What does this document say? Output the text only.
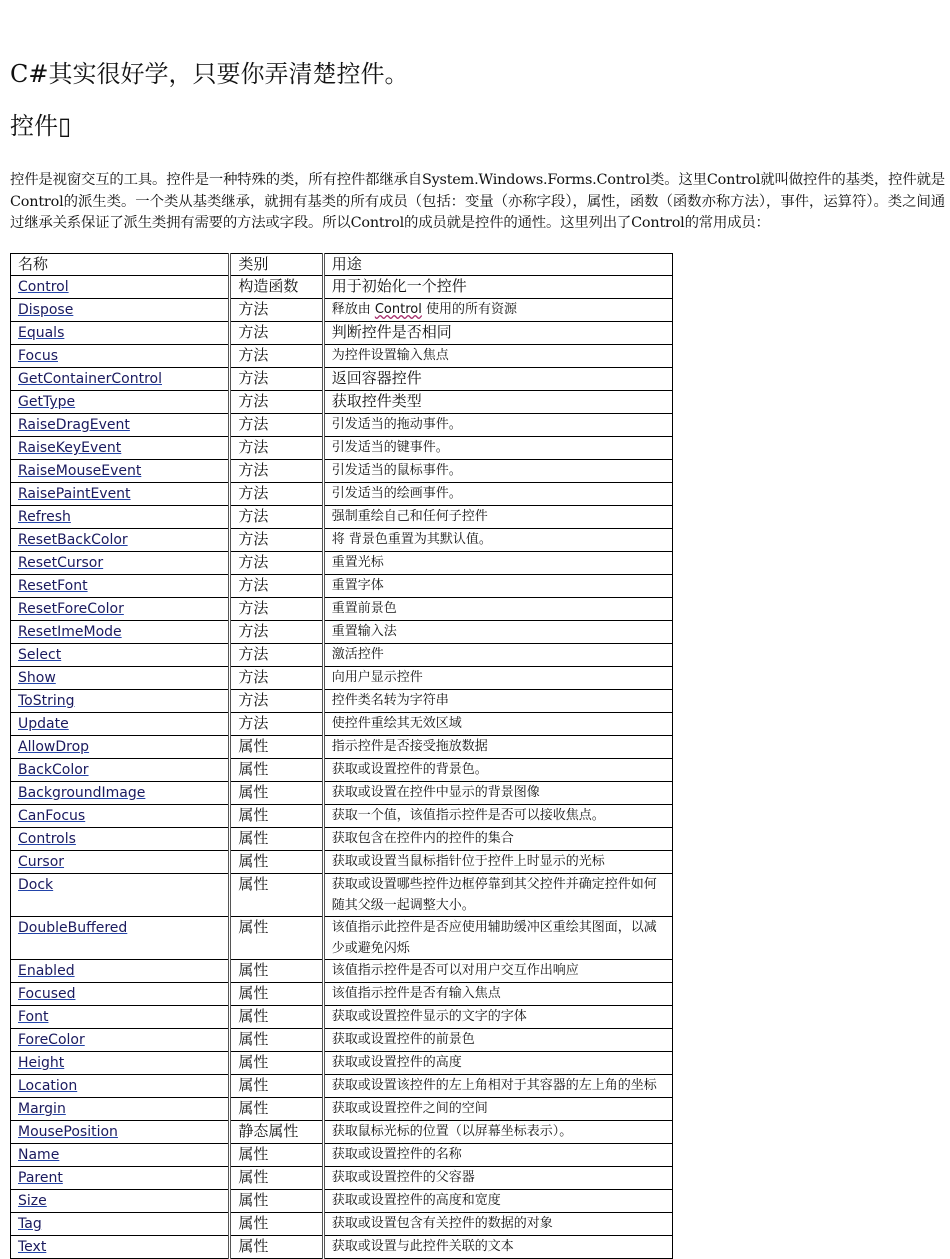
C#其实很好学，只要你弄清楚控件。
控件▯
控件是视窗交互的工具。控件是一种特殊的类，所有控件都继承自System.Windows.Forms.Control类。这里Control就叫做控件的基类，控件就是Control的派生类。一个类从基类继承，就拥有基类的所有成员（包括：变量（亦称字段），属性，函数（函数亦称方法），事件，运算符）。类之间通过继承关系保证了派生类拥有需要的方法或字段。所以Control的成员就是控件的通性。这里列出了Control的常用成员：
名称	类别	用途
Control	构造函数	用于初始化一个控件
Dispose	方法	释放由 Control 使用的所有资源
Equals	方法	判断控件是否相同
Focus	方法	为控件设置输入焦点
GetContainerControl	方法	返回容器控件
GetType	方法	获取控件类型
RaiseDragEvent	方法	引发适当的拖动事件。
RaiseKeyEvent	方法	引发适当的键事件。
RaiseMouseEvent	方法	引发适当的鼠标事件。
RaisePaintEvent	方法	引发适当的绘画事件。
Refresh	方法	强制重绘自己和任何子控件
ResetBackColor	方法	将 背景色重置为其默认值。
ResetCursor	方法	重置光标
ResetFont	方法	重置字体
ResetForeColor	方法	重置前景色
ResetImeMode	方法	重置输入法
Select	方法	激活控件
Show	方法	向用户显示控件
ToString	方法	控件类名转为字符串
Update	方法	使控件重绘其无效区域
AllowDrop	属性	指示控件是否接受拖放数据
BackColor	属性	获取或设置控件的背景色。
BackgroundImage	属性	获取或设置在控件中显示的背景图像
CanFocus	属性	获取一个值，该值指示控件是否可以接收焦点。
Controls	属性	获取包含在控件内的控件的集合
Cursor	属性	获取或设置当鼠标指针位于控件上时显示的光标
Dock	属性	获取或设置哪些控件边框停靠到其父控件并确定控件如何随其父级一起调整大小。
DoubleBuffered	属性	该值指示此控件是否应使用辅助缓冲区重绘其图面，以减少或避免闪烁
Enabled	属性	该值指示控件是否可以对用户交互作出响应
Focused	属性	该值指示控件是否有输入焦点
Font	属性	获取或设置控件显示的文字的字体
ForeColor	属性	获取或设置控件的前景色
Height	属性	获取或设置控件的高度
Location	属性	获取或设置该控件的左上角相对于其容器的左上角的坐标
Margin	属性	获取或设置控件之间的空间
MousePosition	静态属性	获取鼠标光标的位置（以屏幕坐标表示）。
Name	属性	获取或设置控件的名称
Parent	属性	获取或设置控件的父容器
Size	属性	获取或设置控件的高度和宽度
Tag	属性	获取或设置包含有关控件的数据的对象
Text	属性	获取或设置与此控件关联的文本
